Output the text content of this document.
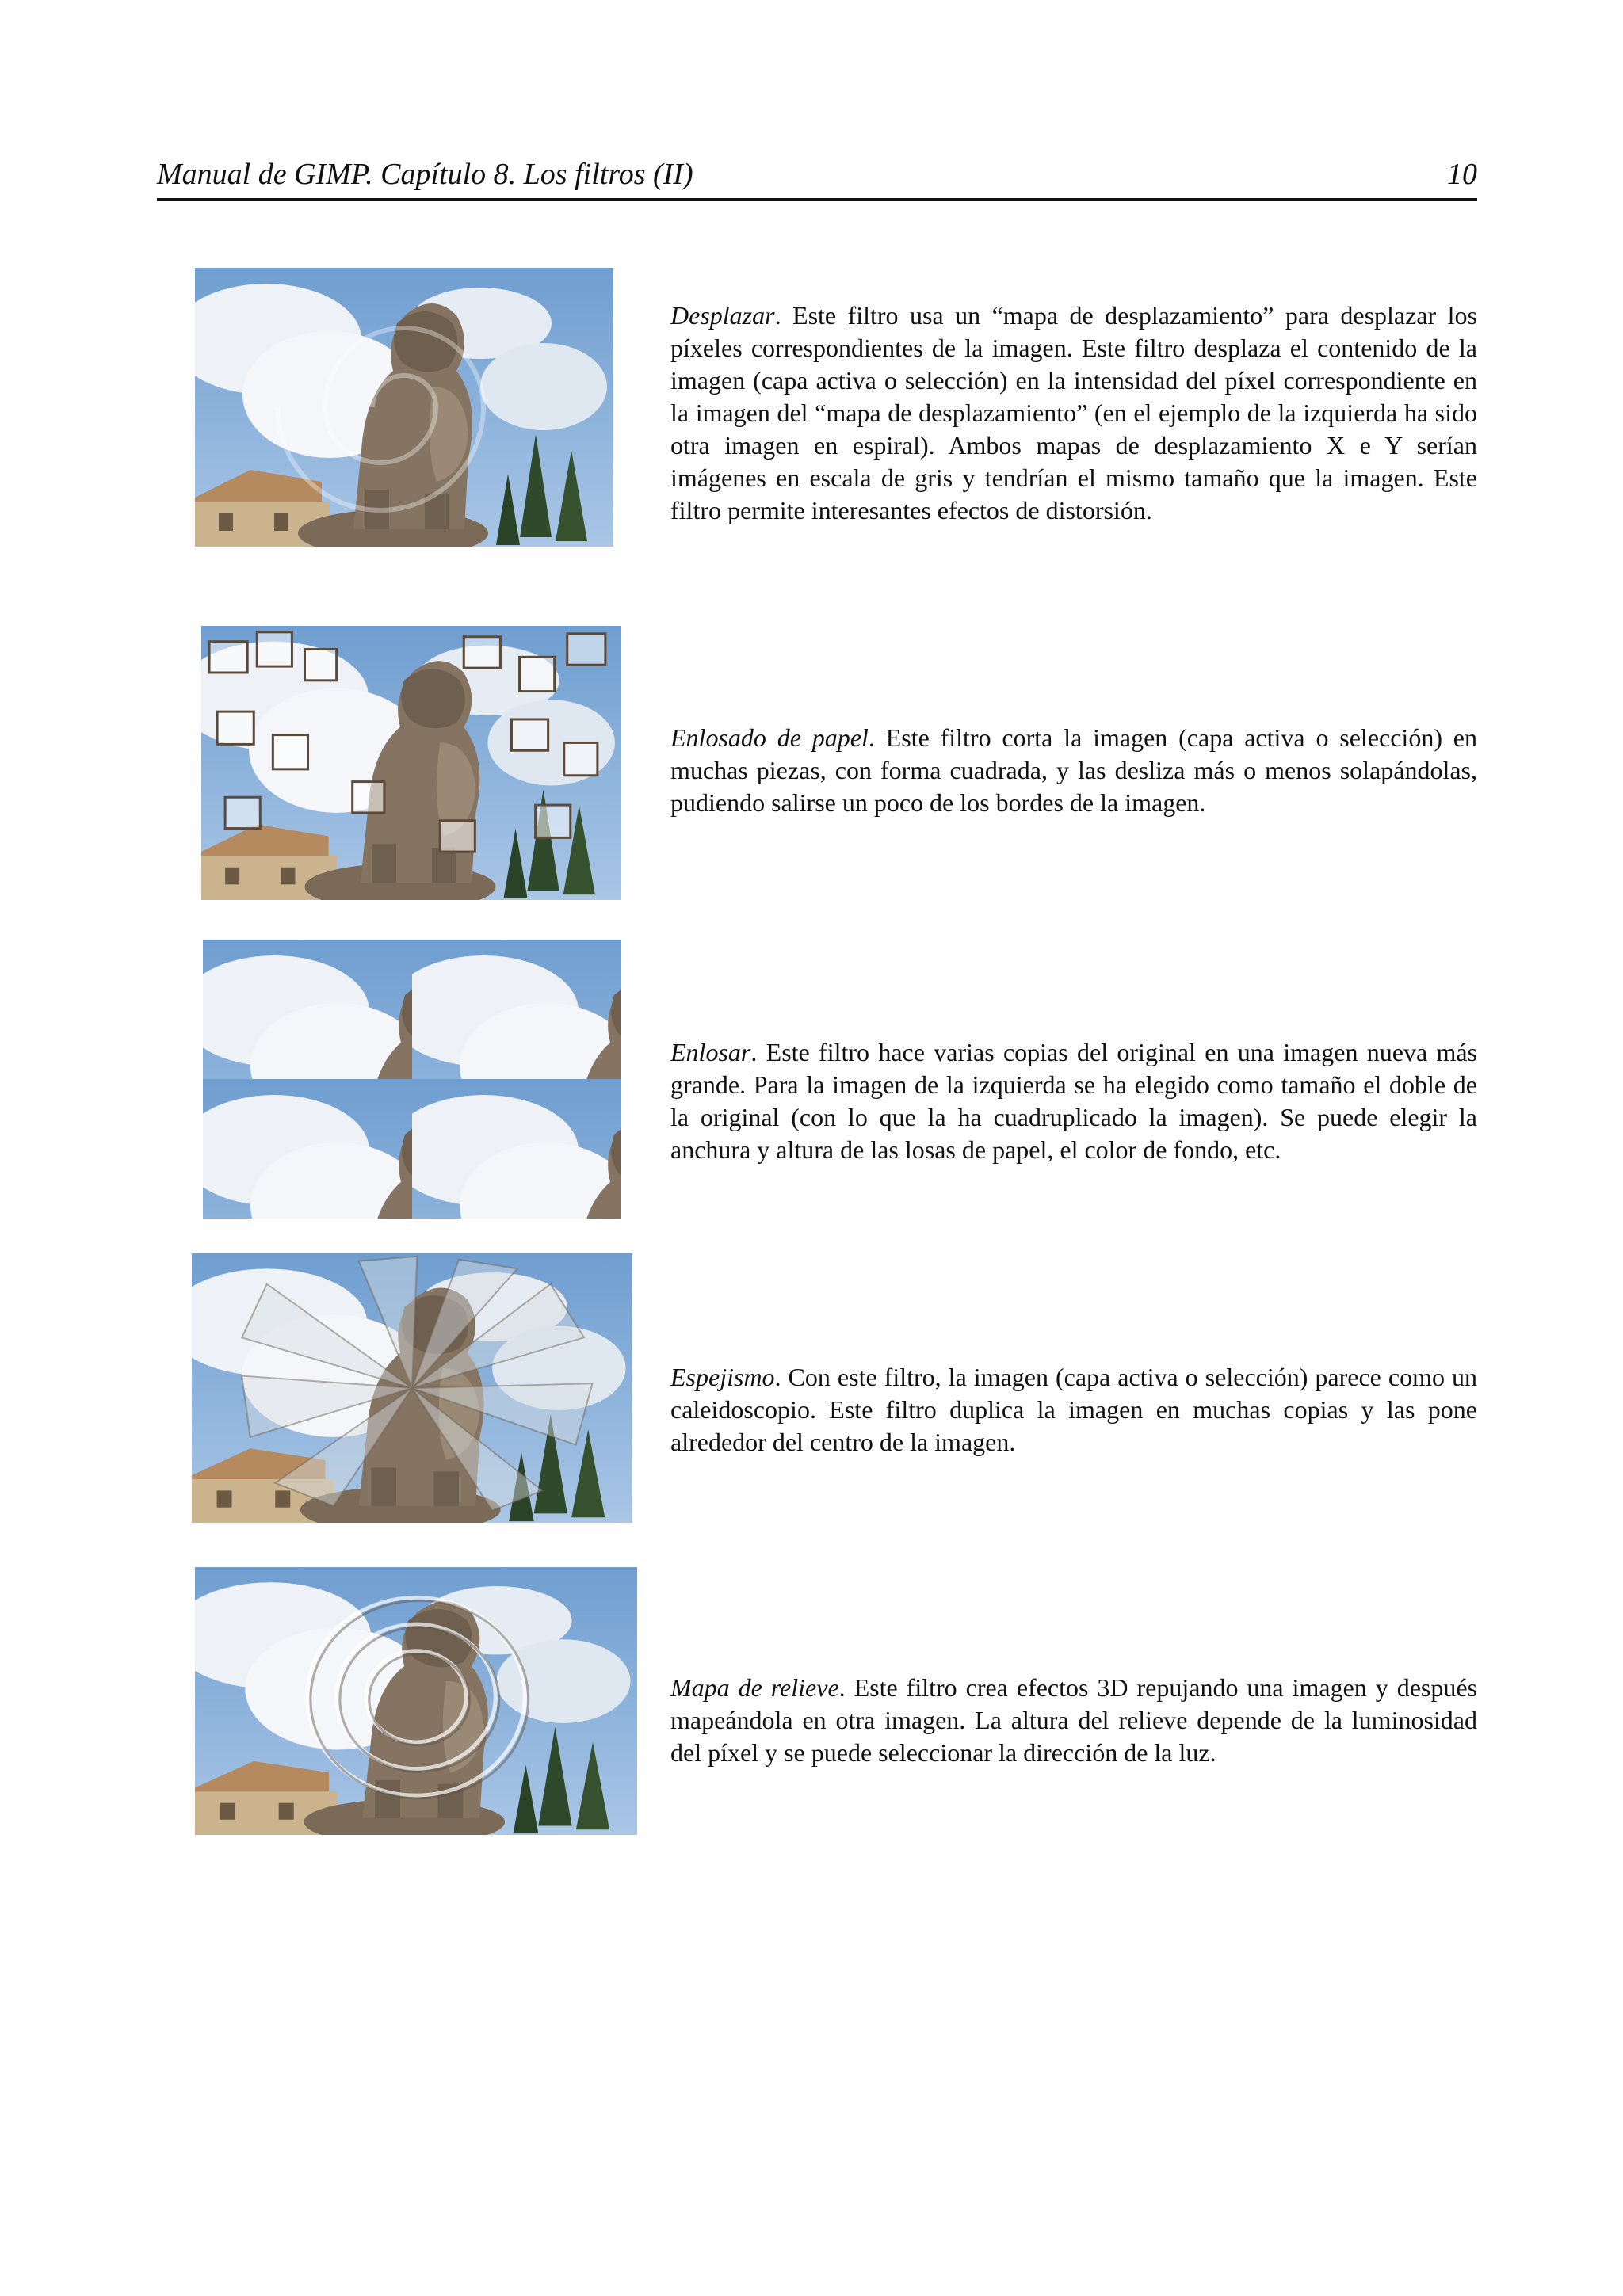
Manual de GIMP. Capítulo 8. Los filtros (II)	10
Desplazar. Este filtro usa un “mapa de desplazamiento” para desplazar los píxeles correspondientes de la imagen. Este filtro desplaza el contenido de la imagen (capa activa o selección) en la intensidad del píxel correspondiente en la imagen del “mapa de desplazamiento” (en el ejemplo de la izquierda ha sido otra imagen en espiral). Ambos mapas de desplazamiento X e Y serían imágenes en escala de gris y tendrían el mismo tamaño que la imagen. Este filtro permite interesantes efectos de distorsión.
Enlosado de papel. Este filtro corta la imagen (capa activa o selección) en muchas piezas, con forma cuadrada, y las desliza más o menos solapándolas, pudiendo salirse un poco de los bordes de la imagen.
Enlosar. Este filtro hace varias copias del original en una imagen nueva más grande. Para la imagen de la izquierda se ha elegido como tamaño el doble de la original (con lo que la ha cuadruplicado la imagen). Se puede elegir la anchura y altura de las losas de papel, el color de fondo, etc.
Espejismo. Con este filtro, la imagen (capa activa o selección) parece como un caleidoscopio. Este filtro duplica la imagen en muchas copias y las pone alrededor del centro de la imagen.
Mapa de relieve. Este filtro crea efectos 3D repujando una imagen y después mapeándola en otra imagen. La altura del relieve depende de la luminosidad del píxel y se puede seleccionar la dirección de la luz.
